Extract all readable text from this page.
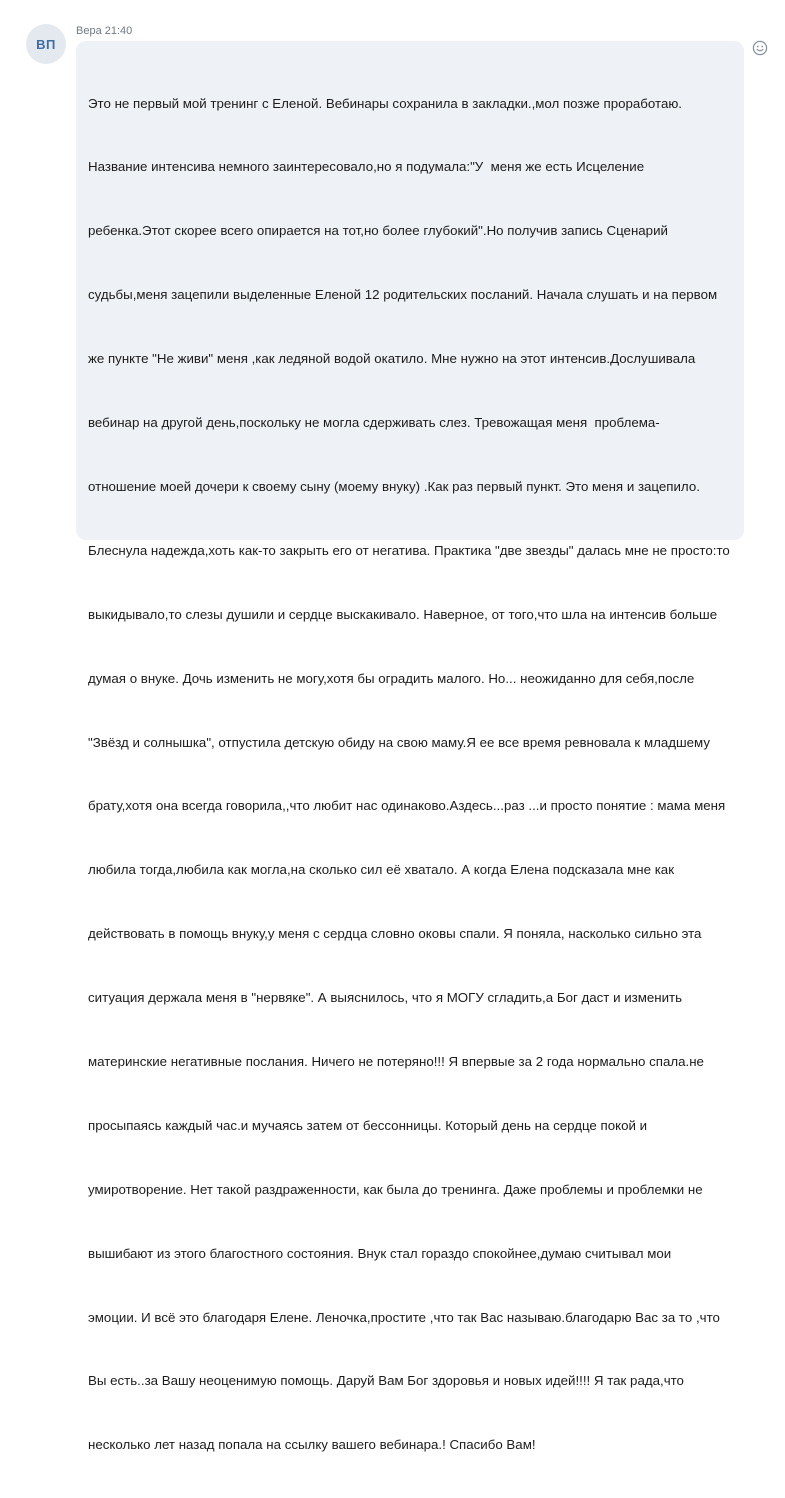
ВП
Вера 21:40

Это не первый мой тренинг с Еленой. Вебинары сохранила в закладки.,мол позже проработаю.

Название интенсива немного заинтересовало,но я подумала:"У  меня же есть Исцеление

ребенка.Этот скорее всего опирается на тот,но более глубокий".Но получив запись Сценарий

судьбы,меня зацепили выделенные Еленой 12 родительских посланий. Начала слушать и на первом

же пункте "Не живи" меня ,как ледяной водой окатило. Мне нужно на этот интенсив.Дослушивала

вебинар на другой день,поскольку не могла сдерживать слез. Тревожащая меня  проблема-

отношение моей дочери к своему сыну (моему внуку) .Как раз первый пункт. Это меня и зацепило.

Блеснула надежда,хоть как-то закрыть его от негатива. Практика "две звезды" далась мне не просто:то

выкидывало,то слезы душили и сердце выскакивало. Наверное, от того,что шла на интенсив больше

думая о внуке. Дочь изменить не могу,хотя бы оградить малого. Но... неожиданно для себя,после

"Звёзд и солнышка", отпустила детскую обиду на свою маму.Я ее все время ревновала к младшему

брату,хотя она всегда говорила,,что любит нас одинаково.Аздесь...раз ...и просто понятие : мама меня

любила тогда,любила как могла,на сколько сил её хватало. А когда Елена подсказала мне как

действовать в помощь внуку,у меня с сердца словно оковы спали. Я поняла, насколько сильно эта

ситуация держала меня в "нервяке". А выяснилось, что я МОГУ сгладить,а Бог даст и изменить

материнские негативные послания. Ничего не потеряно!!! Я впервые за 2 года нормально спала.не

просыпаясь каждый час.и мучаясь затем от бессонницы. Который день на сердце покой и

умиротворение. Нет такой раздраженности, как была до тренинга. Даже проблемы и проблемки не

вышибают из этого благостного состояния. Внук стал гораздо спокойнее,думаю считывал мои

эмоции. И всё это благодаря Елене. Леночка,простите ,что так Вас называю.благодарю Вас за то ,что

Вы есть..за Вашу неоценимую помощь. Даруй Вам Бог здоровья и новых идей!!!! Я так рада,что

несколько лет назад попала на ссылку вашего вебинара.! Спасибо Вам!
